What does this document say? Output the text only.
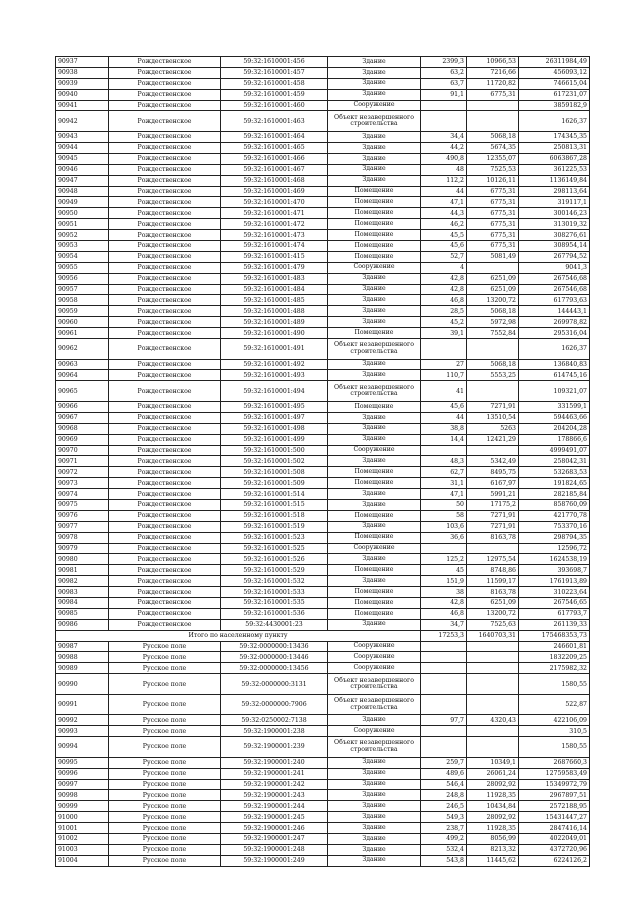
90937	Рождественское	59:32:1610001:456	Здание	2399,3	10966,53	26311984,49
90938	Рождественское	59:32:1610001:457	Здание	63,2	7216,66	456093,12
90939	Рождественское	59:32:1610001:458	Здание	63,7	11720,82	746615,04
90940	Рождественское	59:32:1610001:459	Здание	91,1	6775,31	617231,07
90941	Рождественское	59:32:1610001:460	Сооружение			3859182,9
90942	Рождественское	59:32:1610001:463	Объект незавершенного строительства			1626,37
90943	Рождественское	59:32:1610001:464	Здание	34,4	5068,18	174345,35
90944	Рождественское	59:32:1610001:465	Здание	44,2	5674,35	250813,31
90945	Рождественское	59:32:1610001:466	Здание	490,8	12355,07	6063867,28
90946	Рождественское	59:32:1610001:467	Здание	48	7525,53	361225,53
90947	Рождественское	59:32:1610001:468	Здание	112,2	10126,11	1136149,84
90948	Рождественское	59:32:1610001:469	Помещение	44	6775,31	298113,64
90949	Рождественское	59:32:1610001:470	Помещение	47,1	6775,31	319117,1
90950	Рождественское	59:32:1610001:471	Помещение	44,3	6775,31	300146,23
90951	Рождественское	59:32:1610001:472	Помещение	46,2	6775,31	313019,32
90952	Рождественское	59:32:1610001:473	Помещение	45,5	6775,31	308276,61
90953	Рождественское	59:32:1610001:474	Помещение	45,6	6775,31	308954,14
90954	Рождественское	59:32:1610001:415	Помещение	52,7	5081,49	267794,52
90955	Рождественское	59:32:1610001:479	Сооружение	4		9041,3
90956	Рождественское	59:32:1610001:483	Здание	42,8	6251,09	267546,68
90957	Рождественское	59:32:1610001:484	Здание	42,8	6251,09	267546,68
90958	Рождественское	59:32:1610001:485	Здание	46,8	13200,72	617793,63
90959	Рождественское	59:32:1610001:488	Здание	28,5	5068,18	144443,1
90960	Рождественское	59:32:1610001:489	Здание	45,2	5972,98	269978,82
90961	Рождественское	59:32:1610001:490	Помещение	39,1	7552,84	295316,04
90962	Рождественское	59:32:1610001:491	Объект незавершенного строительства			1626,37
90963	Рождественское	59:32:1610001:492	Здание	27	5068,18	136840,83
90964	Рождественское	59:32:1610001:493	Здание	110,7	5553,25	614745,16
90965	Рождественское	59:32:1610001:494	Объект незавершенного строительства	41		109321,07
90966	Рождественское	59:32:1610001:495	Помещение	45,6	7271,91	331599,1
90967	Рождественское	59:32:1610001:497	Здание	44	13510,54	594463,66
90968	Рождественское	59:32:1610001:498	Здание	38,8	5263	204204,28
90969	Рождественское	59:32:1610001:499	Здание	14,4	12421,29	178866,6
90970	Рождественское	59:32:1610001:500	Сооружение			4999491,07
90971	Рождественское	59:32:1610001:502	Здание	48,3	5342,49	258042,31
90972	Рождественское	59:32:1610001:508	Помещение	62,7	8495,75	532683,53
90973	Рождественское	59:32:1610001:509	Помещение	31,1	6167,97	191824,65
90974	Рождественское	59:32:1610001:514	Здание	47,1	5991,21	282185,84
90975	Рождественское	59:32:1610001:515	Здание	50	17175,2	858760,09
90976	Рождественское	59:32:1610001:518	Помещение	58	7271,91	421770,78
90977	Рождественское	59:32:1610001:519	Здание	103,6	7271,91	753370,16
90978	Рождественское	59:32:1610001:523	Помещение	36,6	8163,78	298794,35
90979	Рождественское	59:32:1610001:525	Сооружение			12596,72
90980	Рождественское	59:32:1610001:526	Здание	125,2	12975,54	1624538,19
90981	Рождественское	59:32:1610001:529	Помещение	45	8748,86	393698,7
90982	Рождественское	59:32:1610001:532	Здание	151,9	11599,17	1761913,89
90983	Рождественское	59:32:1610001:533	Помещение	38	8163,78	310223,64
90984	Рождественское	59:32:1610001:535	Помещение	42,8	6251,09	267546,65
90985	Рождественское	59:32:1610001:536	Помещение	46,8	13200,72	617793,7
90986	Рождественское	59:32:4430001:23	Здание	34,7	7525,63	261139,33
Итого по населенному пункту				17253,3	1640703,31	175468353,73
90987	Русское поле	59:32:0000000:13436	Сооружение			246601,81
90988	Русское поле	59:32:0000000:13446	Сооружение			1832209,25
90989	Русское поле	59:32:0000000:13456	Сооружение			2175982,32
90990	Русское поле	59:32:0000000:3131	Объект незавершенного строительства			1580,55
90991	Русское поле	59:32:0000000:7906	Объект незавершенного строительства			522,87
90992	Русское поле	59:32:0250002:7138	Здание	97,7	4320,43	422106,09
90993	Русское поле	59:32:1900001:238	Сооружение			310,5
90994	Русское поле	59:32:1900001:239	Объект незавершенного строительства			1580,55
90995	Русское поле	59:32:1900001:240	Здание	259,7	10349,1	2687660,3
90996	Русское поле	59:32:1900001:241	Здание	489,6	26061,24	12759583,49
90997	Русское поле	59:32:1900001:242	Здание	546,4	28092,92	15349972,79
90998	Русское поле	59:32:1900001:243	Здание	248,8	11928,35	2967897,51
90999	Русское поле	59:32:1900001:244	Здание	246,5	10434,84	2572188,95
91000	Русское поле	59:32:1900001:245	Здание	549,3	28092,92	15431447,27
91001	Русское поле	59:32:1900001:246	Здание	238,7	11928,35	2847416,14
91002	Русское поле	59:32:1900001:247	Здание	499,2	8056,99	4022049,01
91003	Русское поле	59:32:1900001:248	Здание	532,4	8213,32	4372720,96
91004	Русское поле	59:32:1900001:249	Здание	543,8	11445,62	6224126,2
